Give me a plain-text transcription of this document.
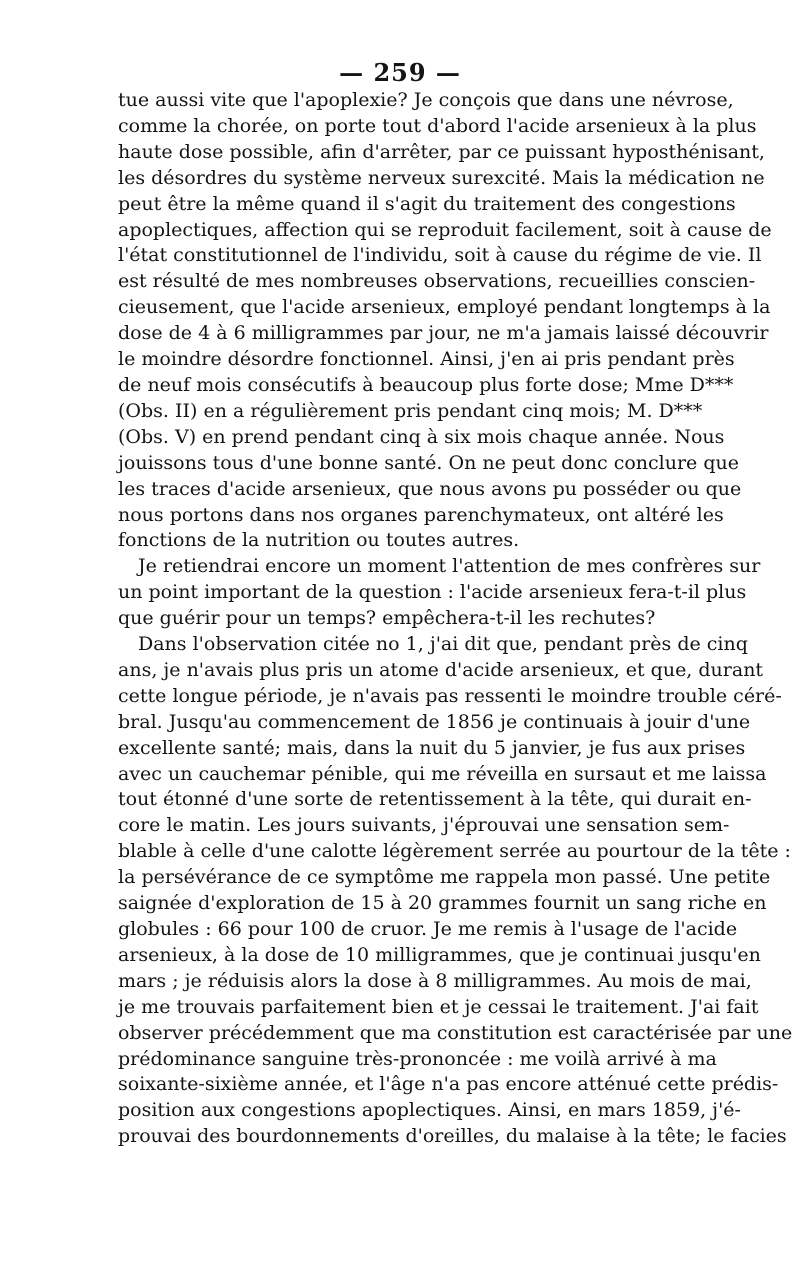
— 259 —
tue aussi vite que l'apoplexie? Je conçois que dans une névrose,
comme la chorée, on porte tout d'abord l'acide arsenieux à la plus
haute dose possible, afin d'arrêter, par ce puissant hyposthénisant,
les désordres du système nerveux surexcité. Mais la médication ne
peut être la même quand il s'agit du traitement des congestions
apoplectiques, affection qui se reproduit facilement, soit à cause de
l'état constitutionnel de l'individu, soit à cause du régime de vie. Il
est résulté de mes nombreuses observations, recueillies conscien-
cieusement, que l'acide arsenieux, employé pendant longtemps à la
dose de 4 à 6 milligrammes par jour, ne m'a jamais laissé découvrir
le moindre désordre fonctionnel. Ainsi, j'en ai pris pendant près
de neuf mois consécutifs à beaucoup plus forte dose; Mme D***
(Obs. II) en a régulièrement pris pendant cinq mois; M. D***
(Obs. V) en prend pendant cinq à six mois chaque année. Nous
jouissons tous d'une bonne santé. On ne peut donc conclure que
les traces d'acide arsenieux, que nous avons pu posséder ou que
nous portons dans nos organes parenchymateux, ont altéré les
fonctions de la nutrition ou toutes autres.
Je retiendrai encore un moment l'attention de mes confrères sur
un point important de la question : l'acide arsenieux fera-t-il plus
que guérir pour un temps? empêchera-t-il les rechutes?
Dans l'observation citée no 1, j'ai dit que, pendant près de cinq
ans, je n'avais plus pris un atome d'acide arsenieux, et que, durant
cette longue période, je n'avais pas ressenti le moindre trouble céré-
bral. Jusqu'au commencement de 1856 je continuais à jouir d'une
excellente santé; mais, dans la nuit du 5 janvier, je fus aux prises
avec un cauchemar pénible, qui me réveilla en sursaut et me laissa
tout étonné d'une sorte de retentissement à la tête, qui durait en-
core le matin. Les jours suivants, j'éprouvai une sensation sem-
blable à celle d'une calotte légèrement serrée au pourtour de la tête :
la persévérance de ce symptôme me rappela mon passé. Une petite
saignée d'exploration de 15 à 20 grammes fournit un sang riche en
globules : 66 pour 100 de cruor. Je me remis à l'usage de l'acide
arsenieux, à la dose de 10 milligrammes, que je continuai jusqu'en
mars ; je réduisis alors la dose à 8 milligrammes. Au mois de mai,
je me trouvais parfaitement bien et je cessai le traitement. J'ai fait
observer précédemment que ma constitution est caractérisée par une
prédominance sanguine très-prononcée : me voilà arrivé à ma
soixante-sixième année, et l'âge n'a pas encore atténué cette prédis-
position aux congestions apoplectiques. Ainsi, en mars 1859, j'é-
prouvai des bourdonnements d'oreilles, du malaise à la tête; le facies
